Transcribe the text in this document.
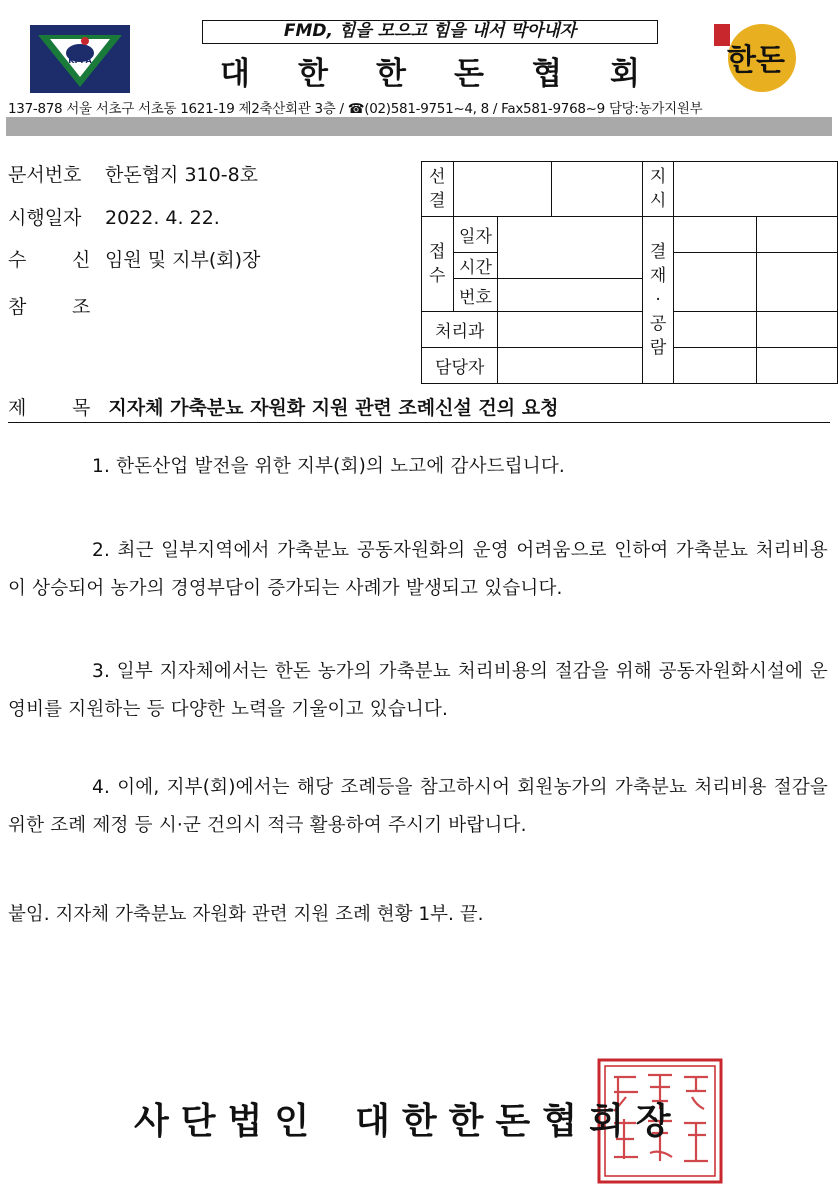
KPPA
FMD, 힘을 모으고 힘을 내서 막아내자
대 한 한 돈 협 회	한돈
137-878 서울 서초구 서초동 1621-19 제2축산회관 3층 / ☎(02)581-9751~4, 8 / Fax581-9768~9 담당:농가지원부
문서번호 한돈협지 310-8호
시행일자 2022. 4. 22.
수 신 임원 및 지부(회)장
참 조
선결				지시		

접수	일자			결재·공람		

	시간					
	번호					
처리과						
담당자						
제 목 지자체 가축분뇨 자원화 지원 관련 조례신설 건의 요청
1. 한돈산업 발전을 위한 지부(회)의 노고에 감사드립니다.
2. 최근 일부지역에서 가축분뇨 공동자원화의 운영 어려움으로 인하여 가축분뇨 처리비용이 상승되어 농가의 경영부담이 증가되는 사례가 발생되고 있습니다.
3. 일부 지자체에서는 한돈 농가의 가축분뇨 처리비용의 절감을 위해 공동자원화시설에 운영비를 지원하는 등 다양한 노력을 기울이고 있습니다.
4. 이에, 지부(회)에서는 해당 조례등을 참고하시어 회원농가의 가축분뇨 처리비용 절감을 위한 조례 제정 등 시·군 건의시 적극 활용하여 주시기 바랍니다.
붙임. 지자체 가축분뇨 자원화 관련 지원 조례 현황 1부. 끝.
사단법인 대한한돈협회장
